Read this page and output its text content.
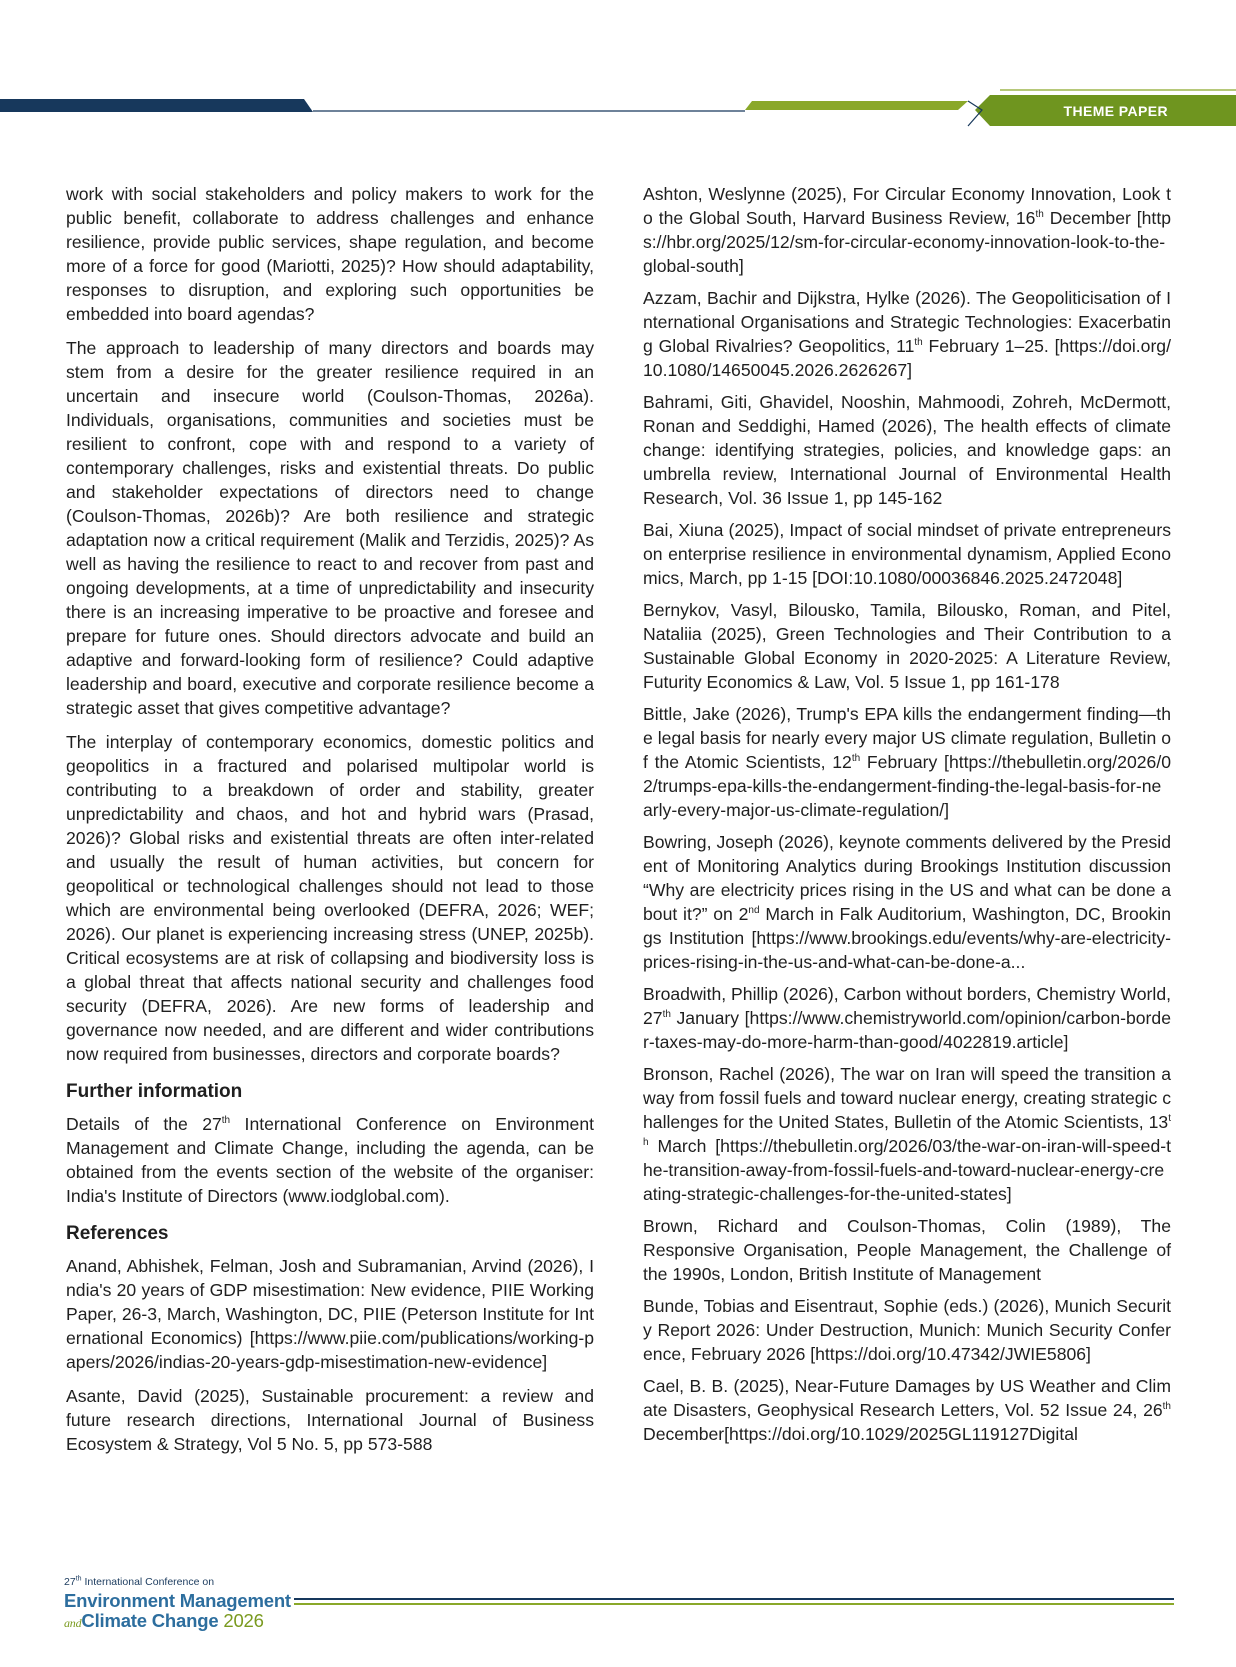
THEME PAPER

work with social stakeholders and policy makers to work for the public benefit, collaborate to address challenges and enhance resilience, provide public services, shape regulation, and become more of a force for good (Mariotti, 2025)? How should adaptability, responses to disruption, and exploring such opportunities be embedded into board agendas?

The approach to leadership of many directors and boards may stem from a desire for the greater resilience required in an uncertain and insecure world (Coulson-Thomas, 2026a). Individuals, organisations, communities and societies must be resilient to confront, cope with and respond to a variety of contemporary challenges, risks and existential threats. Do public and stakeholder expectations of directors need to change (Coulson-Thomas, 2026b)? Are both resilience and strategic adaptation now a critical requirement (Malik and Terzidis, 2025)? As well as having the resilience to react to and recover from past and ongoing developments, at a time of unpredictability and insecurity there is an increasing imperative to be proactive and foresee and prepare for future ones. Should directors advocate and build an adaptive and forward-looking form of resilience? Could adaptive leadership and board, executive and corporate resilience become a strategic asset that gives competitive advantage?

The interplay of contemporary economics, domestic politics and geopolitics in a fractured and polarised multipolar world is contributing to a breakdown of order and stability, greater unpredictability and chaos, and hot and hybrid wars (Prasad, 2026)? Global risks and existential threats are often inter-related and usually the result of human activities, but concern for geopolitical or technological challenges should not lead to those which are environmental being overlooked (DEFRA, 2026; WEF; 2026). Our planet is experiencing increasing stress (UNEP, 2025b). Critical ecosystems are at risk of collapsing and biodiversity loss is a global threat that affects national security and challenges food security (DEFRA, 2026). Are new forms of leadership and governance now needed, and are different and wider contributions now required from businesses, directors and corporate boards?

Further information

Details of the 27th International Conference on Environment Management and Climate Change, including the agenda, can be obtained from the events section of the website of the organiser: India's Institute of Directors (www.iodglobal.com).

References

Anand, Abhishek, Felman, Josh and Subramanian, Arvind (2026), India's 20 years of GDP misestimation: New evidence, PIIE Working Paper, 26-3, March, Washington, DC, PIIE (Peterson Institute for International Economics) [https://www.piie.com/publications/working-papers/2026/indias-20-years-gdp-misestimation-new-evidence]

Asante, David (2025), Sustainable procurement: a review and future research directions, International Journal of Business Ecosystem & Strategy, Vol 5 No. 5, pp 573-588

Ashton, Weslynne (2025), For Circular Economy Innovation, Look to the Global South, Harvard Business Review, 16th December [https://hbr.org/2025/12/sm-for-circular-economy-innovation-look-to-the-global-south]

Azzam, Bachir and Dijkstra, Hylke (2026). The Geopoliticisation of International Organisations and Strategic Technologies: Exacerbating Global Rivalries? Geopolitics, 11th February 1–25. [https://doi.org/10.1080/14650045.2026.2626267]

Bahrami, Giti, Ghavidel, Nooshin, Mahmoodi, Zohreh, McDermott, Ronan and Seddighi, Hamed (2026), The health effects of climate change: identifying strategies, policies, and knowledge gaps: an umbrella review, International Journal of Environmental Health Research, Vol. 36 Issue 1, pp 145-162

Bai, Xiuna (2025), Impact of social mindset of private entrepreneurs on enterprise resilience in environmental dynamism, Applied Economics, March, pp 1-15 [DOI:10.1080/00036846.2025.2472048]

Bernykov, Vasyl, Bilousko, Tamila, Bilousko, Roman, and Pitel, Nataliia (2025), Green Technologies and Their Contribution to a Sustainable Global Economy in 2020-2025: A Literature Review, Futurity Economics & Law, Vol. 5 Issue 1, pp 161-178

Bittle, Jake (2026), Trump's EPA kills the endangerment finding—the legal basis for nearly every major US climate regulation, Bulletin of the Atomic Scientists, 12th February [https://thebulletin.org/2026/02/trumps-epa-kills-the-endangerment-finding-the-legal-basis-for-nearly-every-major-us-climate-regulation/]

Bowring, Joseph (2026), keynote comments delivered by the President of Monitoring Analytics during Brookings Institution discussion “Why are electricity prices rising in the US and what can be done about it?” on 2nd March in Falk Auditorium, Washington, DC, Brookings Institution [https://www.brookings.edu/events/why-are-electricity-prices-rising-in-the-us-and-what-can-be-done-a...

Broadwith, Phillip (2026), Carbon without borders, Chemistry World, 27th January [https://www.chemistryworld.com/opinion/carbon-border-taxes-may-do-more-harm-than-good/4022819.article]

Bronson, Rachel (2026), The war on Iran will speed the transition away from fossil fuels and toward nuclear energy, creating strategic challenges for the United States, Bulletin of the Atomic Scientists, 13th March [https://thebulletin.org/2026/03/the-war-on-iran-will-speed-the-transition-away-from-fossil-fuels-and-toward-nuclear-energy-creating-strategic-challenges-for-the-united-states]

Brown, Richard and Coulson-Thomas, Colin (1989), The Responsive Organisation, People Management, the Challenge of the 1990s, London, British Institute of Management

Bunde, Tobias and Eisentraut, Sophie (eds.) (2026), Munich Security Report 2026: Under Destruction, Munich: Munich Security Conference, February 2026 [https://doi.org/10.47342/JWIE5806]

Cael, B. B. (2025), Near-Future Damages by US Weather and Climate Disasters, Geophysical Research Letters, Vol. 52 Issue 24, 26th December[https://doi.org/10.1029/2025GL119127Digital

27th International Conference on
Environment Management
andClimate Change 2026
